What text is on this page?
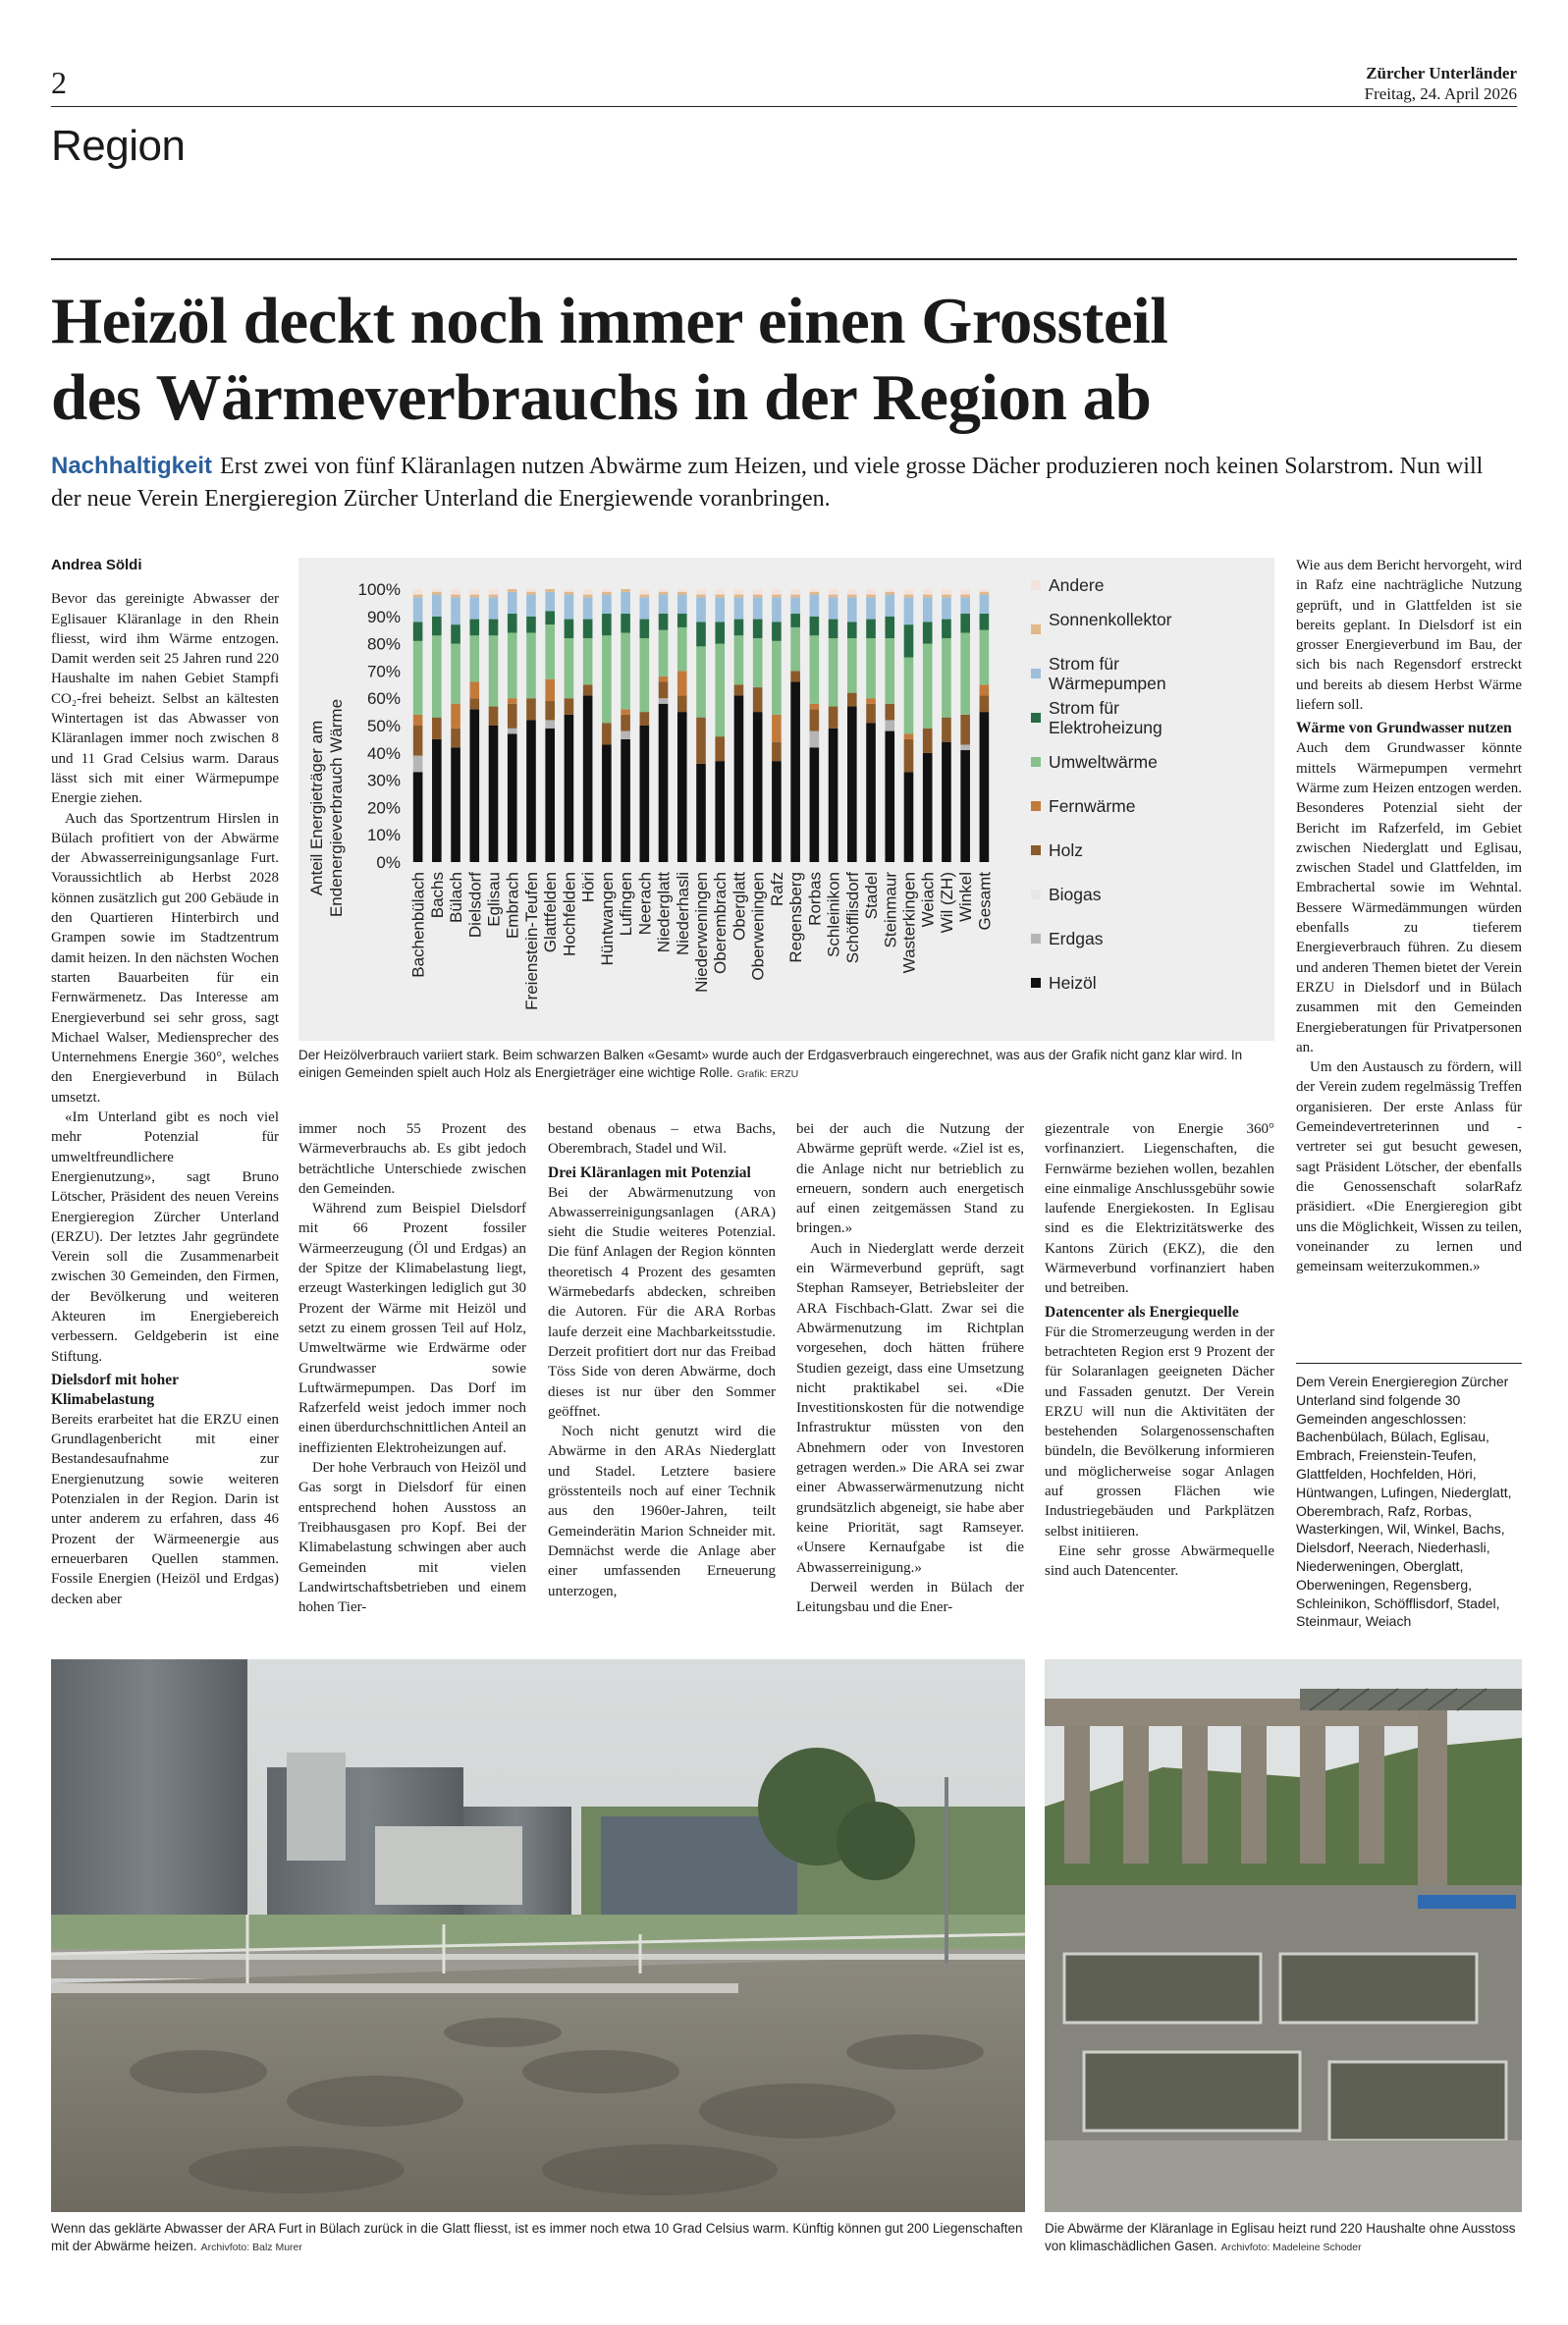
2	Zürcher Unterländer
Freitag, 24. April 2026
Region
Heizöl deckt noch immer einen Grossteil
des Wärmeverbrauchs in der Region ab
Nachhaltigkeit Erst zwei von fünf Kläranlagen nutzen Abwärme zum Heizen, und viele grosse Dächer produzieren noch keinen Solarstrom. Nun will der neue Verein Energieregion Zürcher Unterland die Energiewende voranbringen.
Andrea Söldi

Bevor das gereinigte Abwasser der Eglisauer Kläranlage in den Rhein fliesst, wird ihm Wärme entzogen. Damit werden seit 25 Jahren rund 220 Haushalte im nahen Gebiet Stampfi CO₂-frei beheizt. Selbst an kältesten Wintertagen ist das Abwasser von Kläranlagen immer noch zwischen 8 und 11 Grad Celsius warm. Daraus lässt sich mit einer Wärmepumpe Energie ziehen.

Auch das Sportzentrum Hirslen in Bülach profitiert von der Abwärme der Abwasserreinigungsanlage Furt. Voraussichtlich ab Herbst 2028 können zusätzlich gut 200 Gebäude in den Quartieren Hinterbirch und Grampen sowie im Stadtzentrum damit heizen. In den nächsten Wochen starten Bauarbeiten für ein Fernwärmenetz. Das Interesse am Energieverbund sei sehr gross, sagt Michael Walser, Mediensprecher des Unternehmens Energie 360°, welches den Energieverbund in Bülach umsetzt.

«Im Unterland gibt es noch viel mehr Potenzial für umweltfreundlichere Energienutzung», sagt Bruno Lötscher, Präsident des neuen Vereins Energieregion Zürcher Unterland (ERZU). Der letztes Jahr gegründete Verein soll die Zusammenarbeit zwischen 30 Gemeinden, den Firmen, der Bevölkerung und weiteren Akteuren im Energiebereich verbessern. Geldgeberin ist eine Stiftung.

Dielsdorf mit hoher Klimabelastung

Bereits erarbeitet hat die ERZU einen Grundlagenbericht mit einer Bestandesaufnahme zur Energienutzung sowie weiteren Potenzialen in der Region. Darin ist unter anderem zu erfahren, dass 46 Prozent der Wärmeenergie aus erneuerbaren Quellen stammen. Fossile Energien (Heizöl und Erdgas) decken aber

Anteil Energieträger am Endenergieverbrauch Wärme 0%
10%
20%
30%
40%
50%
60%
70%
80%
90%
100%
Bachenbülach Bachs Bülach Dielsdorf Eglisau Embrach Freienstein-Teufen Glattfelden Hochfelden Höri Hüntwangen Lufingen Neerach Niederglatt Niederhasli Niederweningen Oberembrach Oberglatt Oberweningen Rafz Regensberg Rorbas Schleinikon Schöfflisdorf Stadel Steinmaur Wasterkingen Weiach Wil (ZH) Winkel Gesamt
Andere
Sonnenkollektor
Strom für
Wärmepumpen
Strom für
Elektroheizung
Umweltwärme
Fernwärme
Holz
Biogas
Erdgas
Heizöl
Der Heizölverbrauch variiert stark. Beim schwarzen Balken «Gesamt» wurde auch der Erdgasverbrauch eingerechnet, was aus der Grafik nicht ganz klar wird. In einigen Gemeinden spielt auch Holz als Energieträger eine wichtige Rolle. Grafik: ERZU

immer noch 55 Prozent des Wärmeverbrauchs ab. Es gibt jedoch beträchtliche Unterschiede zwischen den Gemeinden.

Während zum Beispiel Dielsdorf mit 66 Prozent fossiler Wärmeerzeugung (Öl und Erdgas) an der Spitze der Klimabelastung liegt, erzeugt Wasterkingen lediglich gut 30 Prozent der Wärme mit Heizöl und setzt zu einem grossen Teil auf Holz, Umweltwärme wie Erdwärme oder Grundwasser sowie Luftwärmepumpen. Das Dorf im Rafzerfeld weist jedoch immer noch einen überdurchschnittlichen Anteil an ineffizienten Elektroheizungen auf.

Der hohe Verbrauch von Heizöl und Gas sorgt in Dielsdorf für einen entsprechend hohen Ausstoss an Treibhausgasen pro Kopf. Bei der Klimabelastung schwingen aber auch Gemeinden mit vielen Landwirtschaftsbetrieben und einem hohen Tier-

bestand obenaus – etwa Bachs, Oberembrach, Stadel und Wil.

Drei Kläranlagen mit Potenzial

Bei der Abwärmenutzung von Abwasserreinigungsanlagen (ARA) sieht die Studie weiteres Potenzial. Die fünf Anlagen der Region könnten theoretisch 4 Prozent des gesamten Wärmebedarfs abdecken, schreiben die Autoren. Für die ARA Rorbas laufe derzeit eine Machbarkeitsstudie. Derzeit profitiert dort nur das Freibad Töss Side von deren Abwärme, doch dieses ist nur über den Sommer geöffnet.

Noch nicht genutzt wird die Abwärme in den ARAs Niederglatt und Stadel. Letztere basiere grösstenteils noch auf einer Technik aus den 1960er-Jahren, teilt Gemeinderätin Marion Schneider mit. Demnächst werde die Anlage aber einer umfassenden Erneuerung unterzogen,

bei der auch die Nutzung der Abwärme geprüft werde. «Ziel ist es, die Anlage nicht nur betrieblich zu erneuern, sondern auch energetisch auf einen zeitgemässen Stand zu bringen.»

Auch in Niederglatt werde derzeit ein Wärmeverbund geprüft, sagt Stephan Ramseyer, Betriebsleiter der ARA Fischbach-Glatt. Zwar sei die Abwärmenutzung im Richtplan vorgesehen, doch hätten frühere Studien gezeigt, dass eine Umsetzung nicht praktikabel sei. «Die Investitionskosten für die notwendige Infrastruktur müssten von den Abnehmern oder von Investoren getragen werden.» Die ARA sei zwar einer Abwasserwärmenutzung nicht grundsätzlich abgeneigt, sie habe aber keine Priorität, sagt Ramseyer. «Unsere Kernaufgabe ist die Abwasserreinigung.»

Derweil werden in Bülach der Leitungsbau und die Ener-

giezentrale von Energie 360° vorfinanziert. Liegenschaften, die Fernwärme beziehen wollen, bezahlen eine einmalige Anschlussgebühr sowie laufende Energiekosten. In Eglisau sind es die Elektrizitätswerke des Kantons Zürich (EKZ), die den Wärmeverbund vorfinanziert haben und betreiben.

Datencenter als Energiequelle

Für die Stromerzeugung werden in der betrachteten Region erst 9 Prozent der für Solaranlagen geeigneten Dächer und Fassaden genutzt. Der Verein ERZU will nun die Aktivitäten der bestehenden Solargenossenschaften bündeln, die Bevölkerung informieren und möglicherweise sogar Anlagen auf grossen Flächen wie Industriegebäuden und Parkplätzen selbst initiieren.

Eine sehr grosse Abwärmequelle sind auch Datencenter.

Wie aus dem Bericht hervorgeht, wird in Rafz eine nachträgliche Nutzung geprüft, und in Glattfelden ist sie bereits geplant. In Dielsdorf ist ein grosser Energieverbund im Bau, der sich bis nach Regensdorf erstreckt und bereits ab diesem Herbst Wärme liefern soll.

Wärme von Grundwasser nutzen

Auch dem Grundwasser könnte mittels Wärmepumpen vermehrt Wärme zum Heizen entzogen werden. Besonderes Potenzial sieht der Bericht im Rafzerfeld, im Gebiet zwischen Niederglatt und Eglisau, zwischen Stadel und Glattfelden, im Embrachertal sowie im Wehntal. Bessere Wärmedämmungen würden ebenfalls zu tieferem Energieverbrauch führen. Zu diesem und anderen Themen bietet der Verein ERZU in Dielsdorf und in Bülach zusammen mit den Gemeinden Energieberatungen für Privatpersonen an.

Um den Austausch zu fördern, will der Verein zudem regelmässig Treffen organisieren. Der erste Anlass für Gemeindevertreterinnen und -vertreter sei gut besucht gewesen, sagt Präsident Lötscher, der ebenfalls die Genossenschaft solarRafz präsidiert. «Die Energieregion gibt uns die Möglichkeit, Wissen zu teilen, voneinander zu lernen und gemeinsam weiterzukommen.»

Dem Verein Energieregion Zürcher Unterland sind folgende 30 Gemeinden angeschlossen: Bachenbülach, Bülach, Eglisau, Embrach, Freienstein-Teufen, Glattfelden, Hochfelden, Höri, Hüntwangen, Lufingen, Niederglatt, Oberembrach, Rafz, Rorbas, Wasterkingen, Wil, Winkel, Bachs, Dielsdorf, Neerach, Niederhasli, Niederweningen, Oberglatt, Oberweningen, Regensberg, Schleinikon, Schöfflisdorf, Stadel, Steinmaur, Weiach
Wenn das geklärte Abwasser der ARA Furt in Bülach zurück in die Glatt fliesst, ist es immer noch etwa 10 Grad Celsius warm. Künftig können gut 200 Liegenschaften mit der Abwärme heizen. Archivfoto: Balz Murer
Die Abwärme der Kläranlage in Eglisau heizt rund 220 Haushalte ohne Ausstoss von klimaschädlichen Gasen. Archivfoto: Madeleine Schoder
